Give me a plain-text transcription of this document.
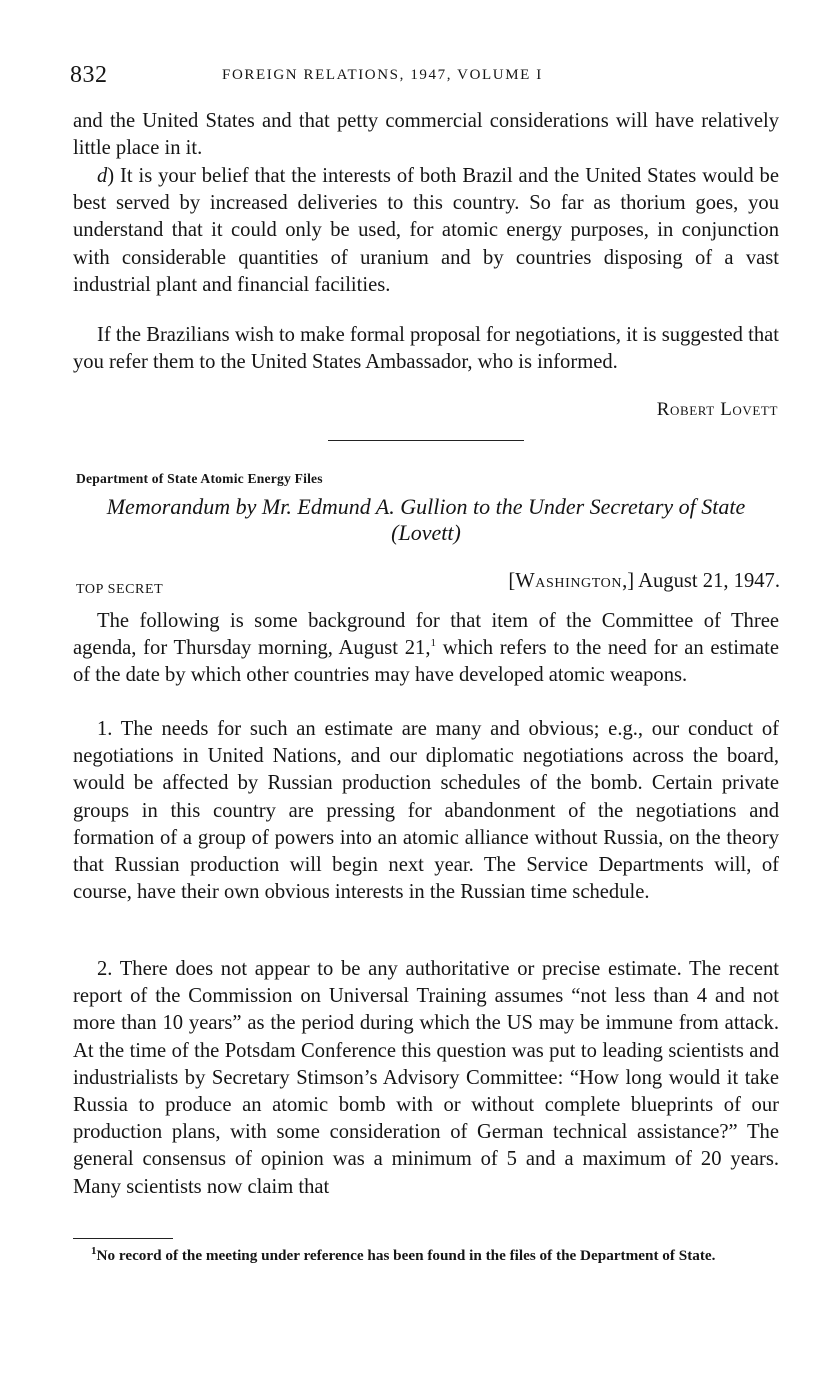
832	FOREIGN RELATIONS, 1947, VOLUME I

and the United States and that petty commercial considerations will have relatively little place in it.

d) It is your belief that the interests of both Brazil and the United States would be best served by increased deliveries to this country. So far as thorium goes, you understand that it could only be used, for atomic energy purposes, in conjunction with considerable quantities of uranium and by countries disposing of a vast industrial plant and financial facilities.

If the Brazilians wish to make formal proposal for negotiations, it is suggested that you refer them to the United States Ambassador, who is informed.

Robert Lovett
Department of State Atomic Energy Files
Memorandum by Mr. Edmund A. Gullion to the Under Secretary of State (Lovett)
TOP SECRET	[Washington,] August 21, 1947.

The following is some background for that item of the Committee of Three agenda, for Thursday morning, August 21,$^1$ which refers to the need for an estimate of the date by which other countries may have developed atomic weapons.

1. The needs for such an estimate are many and obvious; e.g., our conduct of negotiations in United Nations, and our diplomatic negotiations across the board, would be affected by Russian production schedules of the bomb. Certain private groups in this country are pressing for abandonment of the negotiations and formation of a group of powers into an atomic alliance without Russia, on the theory that Russian production will begin next year. The Service Departments will, of course, have their own obvious interests in the Russian time schedule.

2. There does not appear to be any authoritative or precise estimate. The recent report of the Commission on Universal Training assumes “not less than 4 and not more than 10 years” as the period during which the US may be immune from attack. At the time of the Potsdam Conference this question was put to leading scientists and industrialists by Secretary Stimson’s Advisory Committee: “How long would it take Russia to produce an atomic bomb with or without complete blueprints of our production plans, with some consideration of German technical assistance?” The general consensus of opinion was a minimum of 5 and a maximum of 20 years. Many scientists now claim that

$^1$No record of the meeting under reference has been found in the files of the Department of State.
